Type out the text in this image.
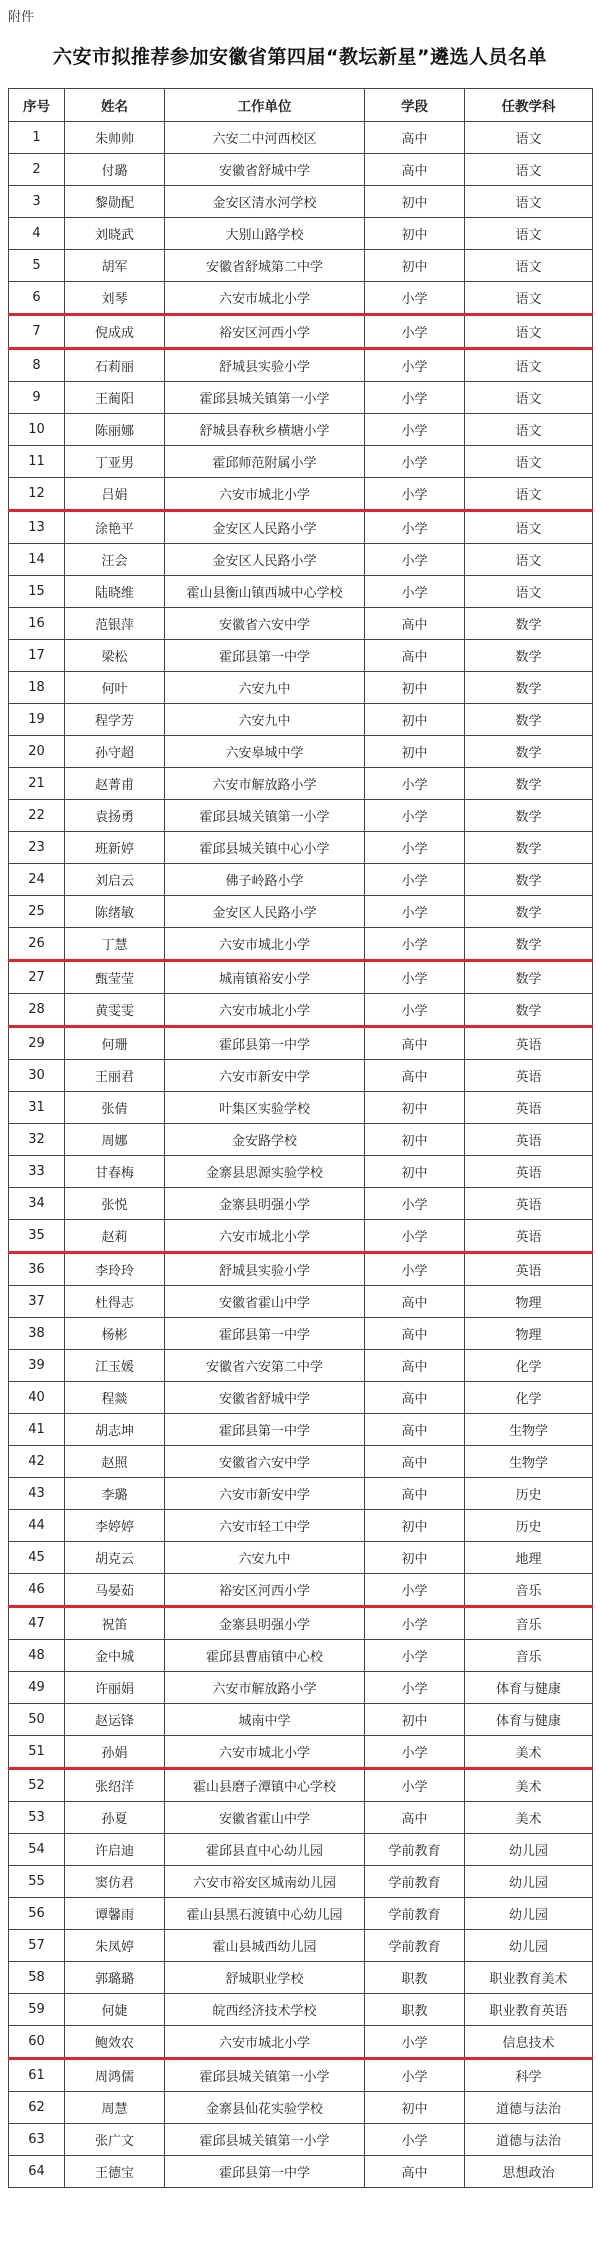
附件
六安市拟推荐参加安徽省第四届“教坛新星”遴选人员名单
序号	姓名	工作单位	学段	任教学科
1	朱帅帅	六安二中河西校区	高中	语文
2	付璐	安徽省舒城中学	高中	语文
3	黎勋配	金安区清水河学校	初中	语文
4	刘晓武	大别山路学校	初中	语文
5	胡军	安徽省舒城第二中学	初中	语文
6	刘琴	六安市城北小学	小学	语文
7	倪成成	裕安区河西小学	小学	语文
8	石莉丽	舒城县实验小学	小学	语文
9	王蔺阳	霍邱县城关镇第一小学	小学	语文
10	陈丽娜	舒城县春秋乡横塘小学	小学	语文
11	丁亚男	霍邱师范附属小学	小学	语文
12	吕娟	六安市城北小学	小学	语文
13	涂艳平	金安区人民路小学	小学	语文
14	汪会	金安区人民路小学	小学	语文
15	陆晓维	霍山县衡山镇西城中心学校	小学	语文
16	范银萍	安徽省六安中学	高中	数学
17	梁松	霍邱县第一中学	高中	数学
18	何叶	六安九中	初中	数学
19	程学芳	六安九中	初中	数学
20	孙守超	六安皋城中学	初中	数学
21	赵菁甫	六安市解放路小学	小学	数学
22	袁扬勇	霍邱县城关镇第一小学	小学	数学
23	班新婷	霍邱县城关镇中心小学	小学	数学
24	刘启云	佛子岭路小学	小学	数学
25	陈绪敏	金安区人民路小学	小学	数学
26	丁慧	六安市城北小学	小学	数学
27	甄莹莹	城南镇裕安小学	小学	数学
28	黄雯雯	六安市城北小学	小学	数学
29	何珊	霍邱县第一中学	高中	英语
30	王丽君	六安市新安中学	高中	英语
31	张倩	叶集区实验学校	初中	英语
32	周娜	金安路学校	初中	英语
33	甘春梅	金寨县思源实验学校	初中	英语
34	张悦	金寨县明强小学	小学	英语
35	赵莉	六安市城北小学	小学	英语
36	李玲玲	舒城县实验小学	小学	英语
37	杜得志	安徽省霍山中学	高中	物理
38	杨彬	霍邱县第一中学	高中	物理
39	江玉媛	安徽省六安第二中学	高中	化学
40	程燚	安徽省舒城中学	高中	化学
41	胡志坤	霍邱县第一中学	高中	生物学
42	赵照	安徽省六安中学	高中	生物学
43	李璐	六安市新安中学	高中	历史
44	李婷婷	六安市轻工中学	初中	历史
45	胡克云	六安九中	初中	地理
46	马晏茹	裕安区河西小学	小学	音乐
47	祝笛	金寨县明强小学	小学	音乐
48	金中城	霍邱县曹庙镇中心校	小学	音乐
49	许丽娟	六安市解放路小学	小学	体育与健康
50	赵运锋	城南中学	初中	体育与健康
51	孙娟	六安市城北小学	小学	美术
52	张绍洋	霍山县磨子潭镇中心学校	小学	美术
53	孙夏	安徽省霍山中学	高中	美术
54	许启迪	霍邱县直中心幼儿园	学前教育	幼儿园
55	窦仿君	六安市裕安区城南幼儿园	学前教育	幼儿园
56	谭馨雨	霍山县黑石渡镇中心幼儿园	学前教育	幼儿园
57	朱凤婷	霍山县城西幼儿园	学前教育	幼儿园
58	郭璐璐	舒城职业学校	职教	职业教育美术
59	何婕	皖西经济技术学校	职教	职业教育英语
60	鲍效农	六安市城北小学	小学	信息技术
61	周鸿儒	霍邱县城关镇第一小学	小学	科学
62	周慧	金寨县仙花实验学校	初中	道德与法治
63	张广文	霍邱县城关镇第一小学	小学	道德与法治
64	王德宝	霍邱县第一中学	高中	思想政治
